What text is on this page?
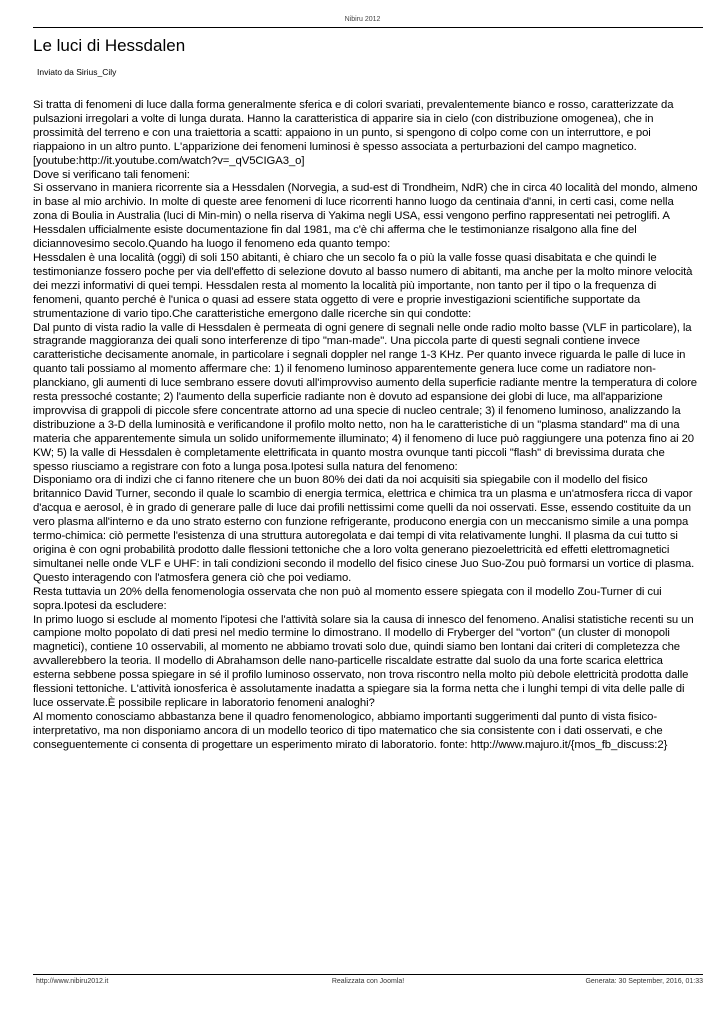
Nibiru 2012
Le luci di Hessdalen
Inviato da Sirius_Cily

Si tratta di fenomeni di luce dalla forma generalmente sferica e di colori svariati, prevalentemente bianco e rosso, caratterizzate da pulsazioni irregolari a volte di lunga durata. Hanno la caratteristica di apparire sia in cielo (con distribuzione omogenea), che in prossimità del terreno e con una traiettoria a scatti: appaiono in un punto, si spengono di colpo come con un interruttore, e poi riappaiono in un altro punto. L'apparizione dei fenomeni luminosi è spesso associata a perturbazioni del campo magnetico.[youtube:http://it.youtube.com/watch?v=_qV5CIGA3_o]

Dove si verificano tali fenomeni:

Si osservano in maniera ricorrente sia a Hessdalen (Norvegia, a sud-est di Trondheim, NdR) che in circa 40 località del mondo, almeno in base al mio archivio. In molte di queste aree fenomeni di luce ricorrenti hanno luogo da centinaia d'anni, in certi casi, come nella zona di Boulia in Australia (luci di Min-min) o nella riserva di Yakima negli USA, essi vengono perfino rappresentati nei petroglifi. A Hessdalen ufficialmente esiste documentazione fin dal 1981, ma c'è chi afferma che le testimonianze risalgono alla fine del diciannovesimo secolo.Quando ha luogo il fenomeno eda quanto tempo:

Hessdalen è una località (oggi) di soli 150 abitanti, è chiaro che un secolo fa o più la valle fosse quasi disabitata e che quindi le testimonianze fossero poche per via dell'effetto di selezione dovuto al basso numero di abitanti, ma anche per la molto minore velocità dei mezzi informativi di quei tempi. Hessdalen resta al momento la località più importante, non tanto per il tipo o la frequenza di fenomeni, quanto perché è l'unica o quasi ad essere stata oggetto di vere e proprie investigazioni scientifiche supportate da strumentazione di vario tipo.Che caratteristiche emergono dalle ricerche sin qui condotte:

Dal punto di vista radio la valle di Hessdalen è permeata di ogni genere di segnali nelle onde radio molto basse (VLF in particolare), la stragrande maggioranza dei quali sono interferenze di tipo "man-made". Una piccola parte di questi segnali contiene invece caratteristiche decisamente anomale, in particolare i segnali doppler nel range 1-3 KHz. Per quanto invece riguarda le palle di luce in quanto tali possiamo al momento affermare che: 1) il fenomeno luminoso apparentemente genera luce come un radiatore non-planckiano, gli aumenti di luce sembrano essere dovuti all'improvviso aumento della superficie radiante mentre la temperatura di colore resta pressoché costante; 2) l'aumento della superficie radiante non è dovuto ad espansione dei globi di luce, ma all'apparizione improvvisa di grappoli di piccole sfere concentrate attorno ad una specie di nucleo centrale; 3) il fenomeno luminoso, analizzando la distribuzione a 3-D della luminosità e verificandone il profilo molto netto, non ha le caratteristiche di un "plasma standard" ma di una materia che apparentemente simula un solido uniformemente illuminato; 4) il fenomeno di luce può raggiungere una potenza fino ai 20 KW; 5) la valle di Hessdalen è completamente elettrificata in quanto mostra ovunque tanti piccoli "flash" di brevissima durata che spesso riusciamo a registrare con foto a lunga posa.Ipotesi sulla natura del fenomeno:

Disponiamo ora di indizi che ci fanno ritenere che un buon 80% dei dati da noi acquisiti sia spiegabile con il modello del fisico britannico David Turner, secondo il quale lo scambio di energia termica, elettrica e chimica tra un plasma e un'atmosfera ricca di vapor d'acqua e aerosol, è in grado di generare palle di luce dai profili nettissimi come quelli da noi osservati. Esse, essendo costituite da un vero plasma all'interno e da uno strato esterno con funzione refrigerante, producono energia con un meccanismo simile a una pompa termo-chimica: ciò permette l'esistenza di una struttura autoregolata e dai tempi di vita relativamente lunghi. Il plasma da cui tutto si origina è con ogni probabilità prodotto dalle flessioni tettoniche che a loro volta generano piezoelettricità ed effetti elettromagnetici simultanei nelle onde VLF e UHF: in tali condizioni secondo il modello del fisico cinese Juo Suo-Zou può formarsi un vortice di plasma. Questo interagendo con l'atmosfera genera ciò che poi vediamo.

Resta tuttavia un 20% della fenomenologia osservata che non può al momento essere spiegata con il modello Zou-Turner di cui sopra.Ipotesi da escludere:

In primo luogo si esclude al momento l'ipotesi che l'attività solare sia la causa di innesco del fenomeno. Analisi statistiche recenti su un campione molto popolato di dati presi nel medio termine lo dimostrano. Il modello di Fryberger del "vorton" (un cluster di monopoli magnetici), contiene 10 osservabili, al momento ne abbiamo trovati solo due, quindi siamo ben lontani dai criteri di completezza che avvallerebbero la teoria. Il modello di Abrahamson delle nano-particelle riscaldate estratte dal suolo da una forte scarica elettrica esterna sebbene possa spiegare in sé il profilo luminoso osservato, non trova riscontro nella molto più debole elettricità prodotta dalle flessioni tettoniche. L'attività ionosferica è assolutamente inadatta a spiegare sia la forma netta che i lunghi tempi di vita delle palle di luce osservate.È possibile replicare in laboratorio fenomeni analoghi?

Al momento conosciamo abbastanza bene il quadro fenomenologico, abbiamo importanti suggerimenti dal punto di vista fisico-interpretativo, ma non disponiamo ancora di un modello teorico di tipo matematico che sia consistente con i dati osservati, e che conseguentemente ci consenta di progettare un esperimento mirato di laboratorio. fonte: http://www.majuro.it/{mos_fb_discuss:2}

http://www.nibiru2012.it	Realizzata con Joomla!	Generata: 30 September, 2016, 01:33
